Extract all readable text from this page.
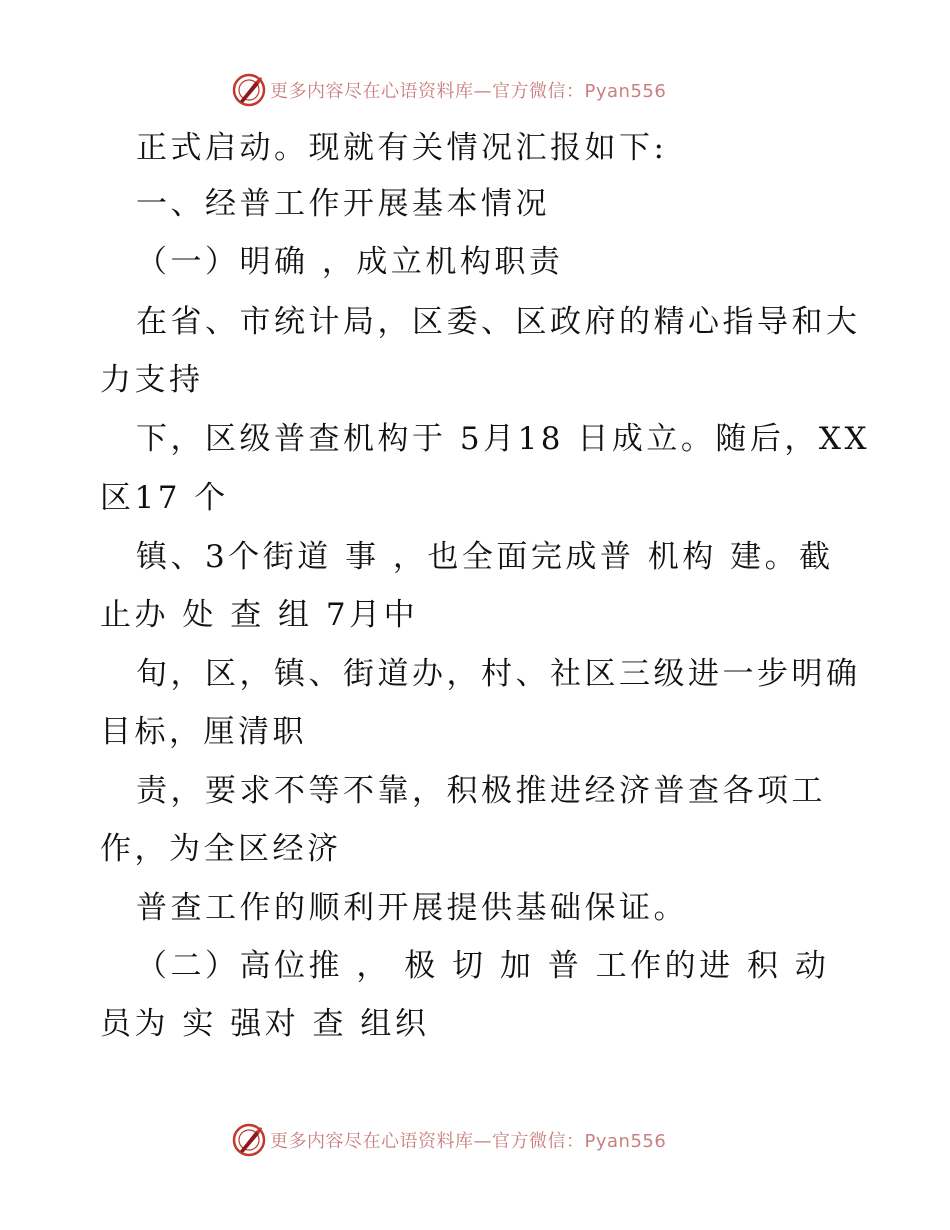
更多内容尽在心语资料库—官方微信：Pyan556
正式启动。现就有关情况汇报如下:
一、经普工作开展基本情况
（一）明确 ，成立机构职责
在省、市统计局，区委、区政府的精心指导和大
力支持
下，区级普查机构于 5月18 日成立。随后，XX
区17 个
镇、3个街道 事 ，也全面完成普 机构 建。截
止办 处 查 组 7月中
旬，区，镇、街道办，村、社区三级进一步明确
目标，厘清职
责，要求不等不靠，积极推进经济普查各项工
作，为全区经济
普查工作的顺利开展提供基础保证。
（二）高位推 ， 极 切 加 普 工作的进 积 动
员为 实 强对 查 组织
更多内容尽在心语资料库—官方微信：Pyan556
